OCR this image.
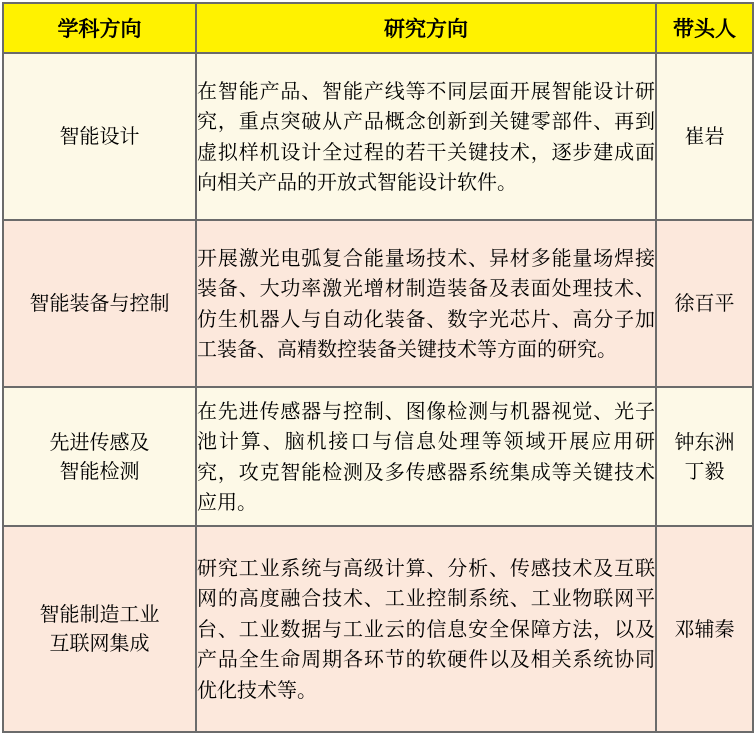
学科方向	研究方向	带头人

智能设计	在智能产品、智能产线等不同层面开展智能设计研究，重点突破从产品概念创新到关键零部件、再到虚拟样机设计全过程的若干关键技术，逐步建成面向相关产品的开放式智能设计软件。	崔岩

智能装备与控制	开展激光电弧复合能量场技术、异材多能量场焊接装备、大功率激光增材制造装备及表面处理技术、仿生机器人与自动化装备、数字光芯片、高分子加工装备、高精数控装备关键技术等方面的研究。	徐百平

先进传感及
智能检测	在先进传感器与控制、图像检测与机器视觉、光子池计算、脑机接口与信息处理等领域开展应用研究，攻克智能检测及多传感器系统集成等关键技术应用。	钟东洲
丁毅

智能制造工业
互联网集成	研究工业系统与高级计算、分析、传感技术及互联网的高度融合技术、工业控制系统、工业物联网平台、工业数据与工业云的信息安全保障方法，以及产品全生命周期各环节的软硬件以及相关系统协同优化技术等。	邓辅秦
